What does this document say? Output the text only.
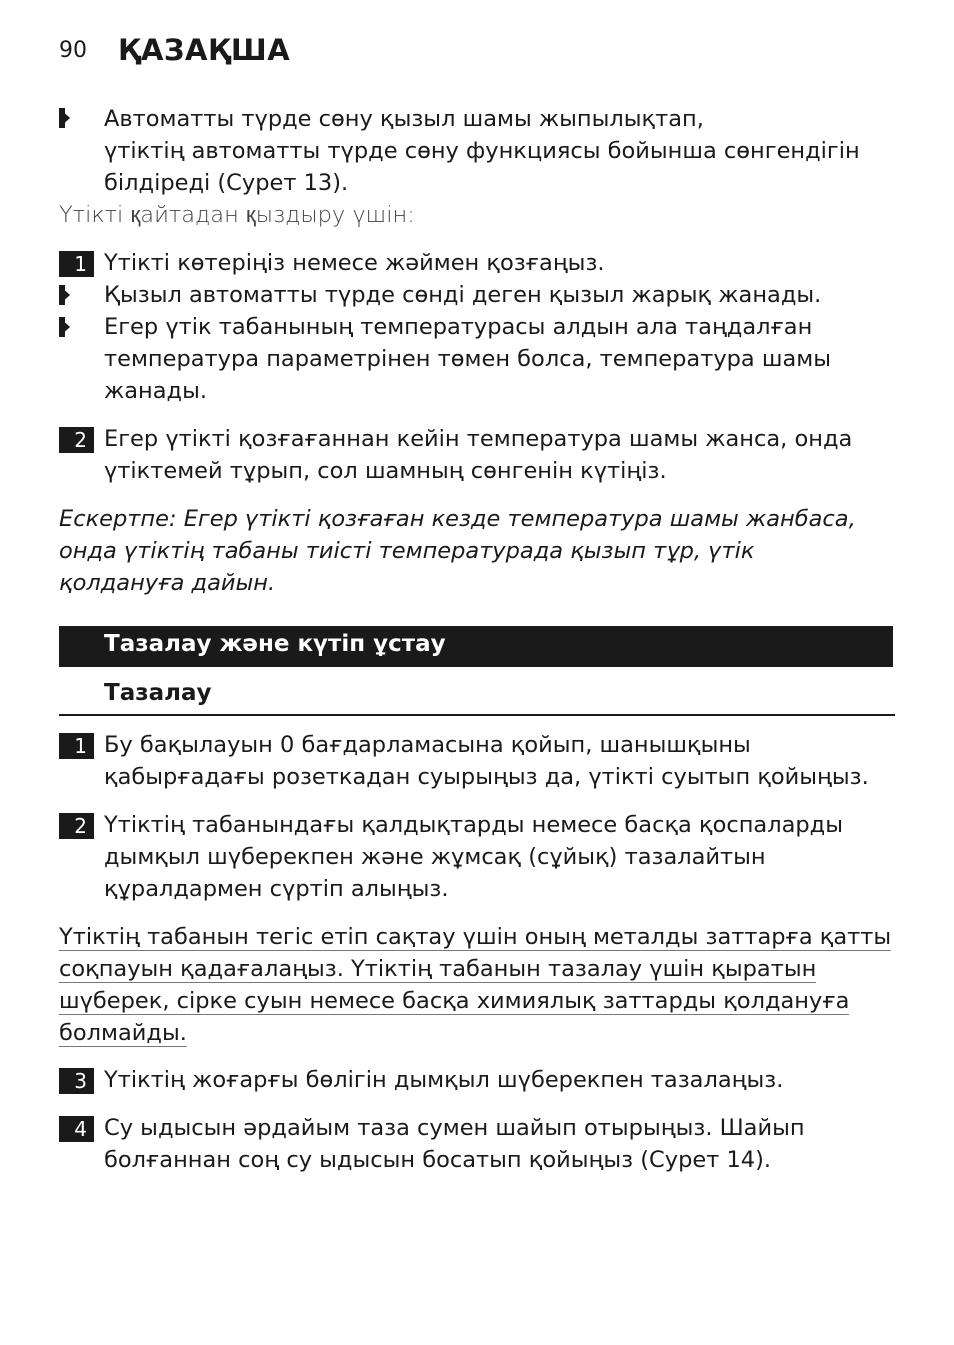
90 ҚАЗАҚША
Автоматты түрде сөну қызыл шамы жыпылықтап,
үтіктің автоматты түрде сөну функциясы бойынша сөнгендігін
білдіреді (Сурет 13).
Үтікті қайтадан қыздыру үшін:
1 Үтікті көтеріңіз немесе жәймен қозғаңыз.
Қызыл автоматты түрде сөнді деген қызыл жарық жанады.
Егер үтік табанының температурасы алдын ала таңдалған
температура параметрінен төмен болса, температура шамы
жанады.
2 Егер үтікті қозғағаннан кейін температура шамы жанса, онда
үтіктемей тұрып, сол шамның сөнгенін күтіңіз.
Ескертпе: Егер үтікті қозғаған кезде температура шамы жанбаса,
онда үтіктің табаны тиісті температурада қызып тұр, үтік
қолдануға дайын.
Тазалау және күтіп ұстау
Тазалау
1 Бу бақылауын 0 бағдарламасына қойып, шанышқыны
қабырғадағы розеткадан суырыңыз да, үтікті суытып қойыңыз.
2 Үтіктің табанындағы қалдықтарды немесе басқа қоспаларды
дымқыл шүберекпен және жұмсақ (сұйық) тазалайтын
құралдармен сүртіп алыңыз.
Үтіктің табанын тегіс етіп сақтау үшін оның металды заттарға қатты
соқпауын қадағалаңыз. Үтіктің табанын тазалау үшін қыратын
шүберек, сірке суын немесе басқа химиялық заттарды қолдануға
болмайды.
3 Үтіктің жоғарғы бөлігін дымқыл шүберекпен тазалаңыз.
4 Су ыдысын әрдайым таза сумен шайып отырыңыз. Шайып
болғаннан соң су ыдысын босатып қойыңыз (Сурет 14).
